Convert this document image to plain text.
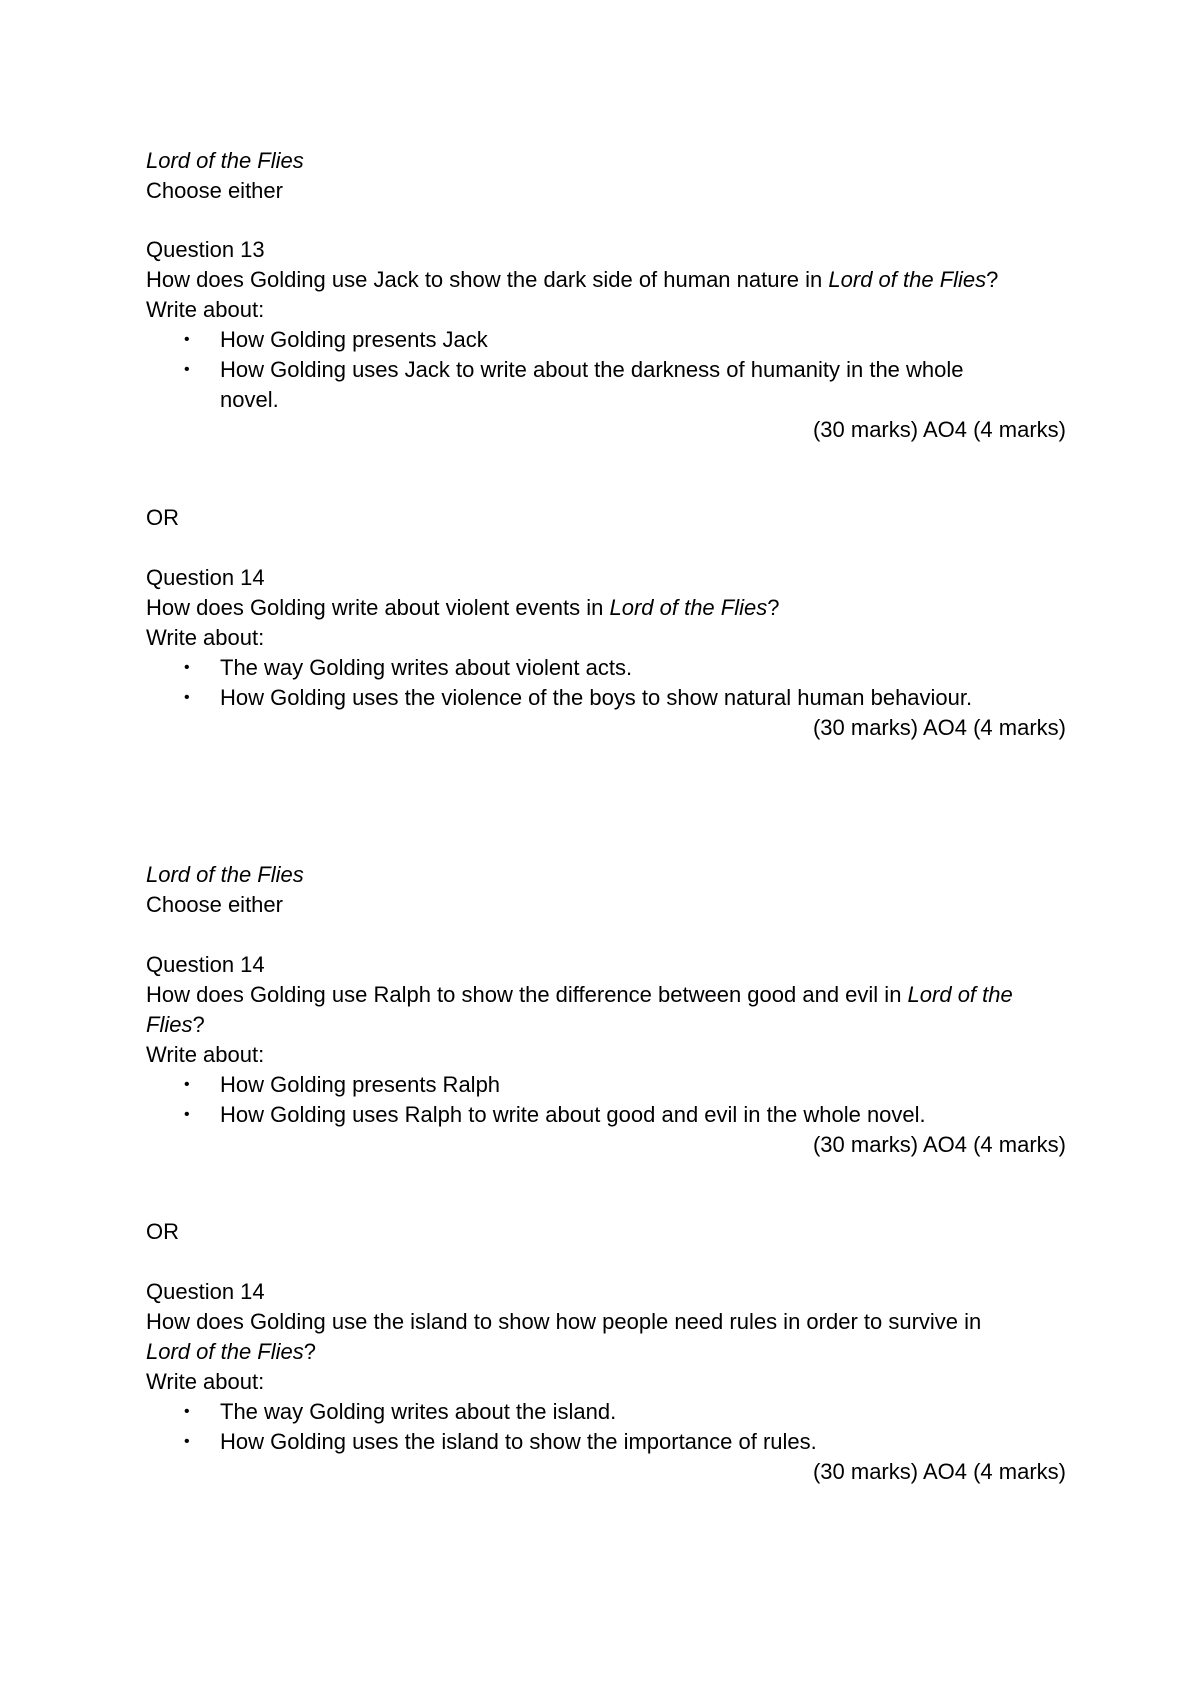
Lord of the Flies

Choose either

Question 13

How does Golding use Jack to show the dark side of human nature in Lord of the Flies?

Write about:

• How Golding presents Jack
• How Golding uses Jack to write about the darkness of humanity in the whole novel.
(30 marks) AO4 (4 marks)
OR

Question 14

How does Golding write about violent events in Lord of the Flies?

Write about:

• The way Golding writes about violent acts.
• How Golding uses the violence of the boys to show natural human behaviour.
(30 marks) AO4 (4 marks)

Lord of the Flies

Choose either

Question 14

How does Golding use Ralph to show the difference between good and evil in Lord of the Flies?

Write about:

• How Golding presents Ralph
• How Golding uses Ralph to write about good and evil in the whole novel.
(30 marks) AO4 (4 marks)
OR

Question 14

How does Golding use the island to show how people need rules in order to survive in Lord of the Flies?

Write about:

• The way Golding writes about the island.
• How Golding uses the island to show the importance of rules.
(30 marks) AO4 (4 marks)
